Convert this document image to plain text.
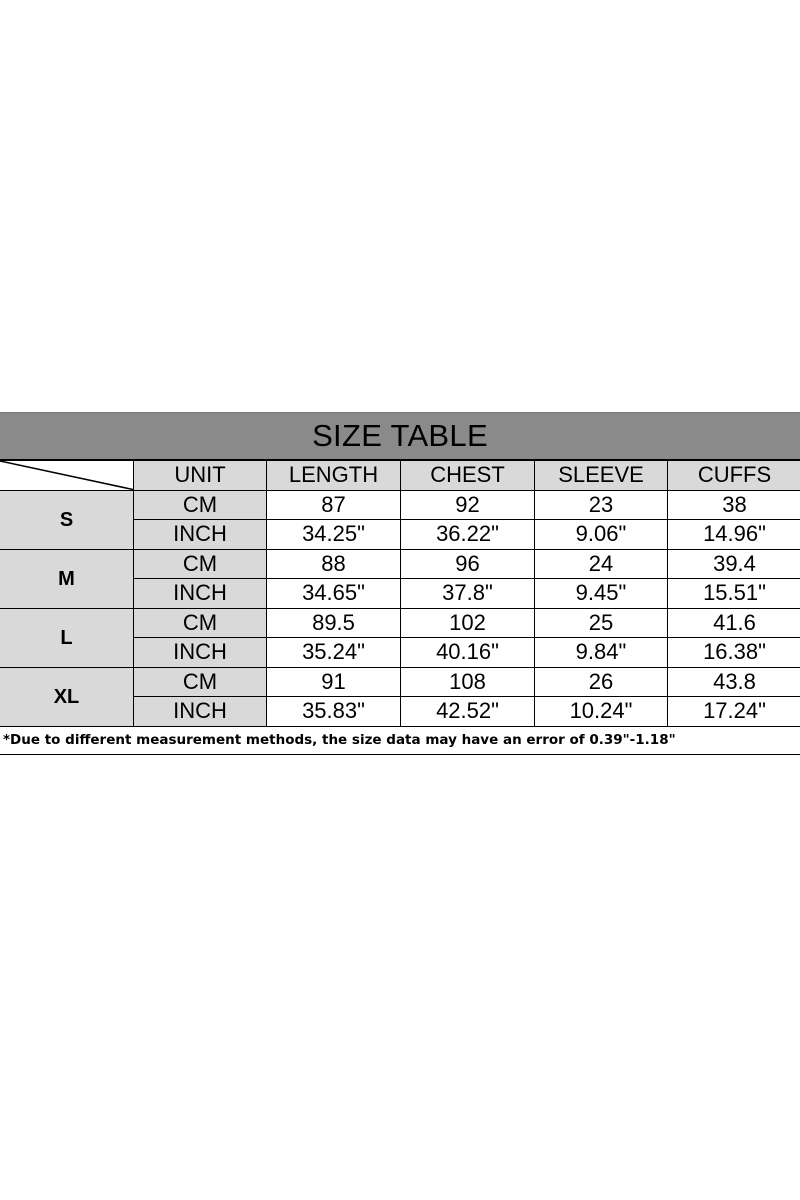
SIZE TABLE
	UNIT	LENGTH	CHEST	SLEEVE	CUFFS
S	CM	87	92	23	38
	INCH	34.25"	36.22"	9.06"	14.96"
M	CM	88	96	24	39.4
	INCH	34.65"	37.8"	9.45"	15.51"
L	CM	89.5	102	25	41.6
	INCH	35.24"	40.16"	9.84"	16.38"
XL	CM	91	108	26	43.8
	INCH	35.83"	42.52"	10.24"	17.24"
*Due to different measurement methods, the size data may have an error of 0.39"-1.18"
